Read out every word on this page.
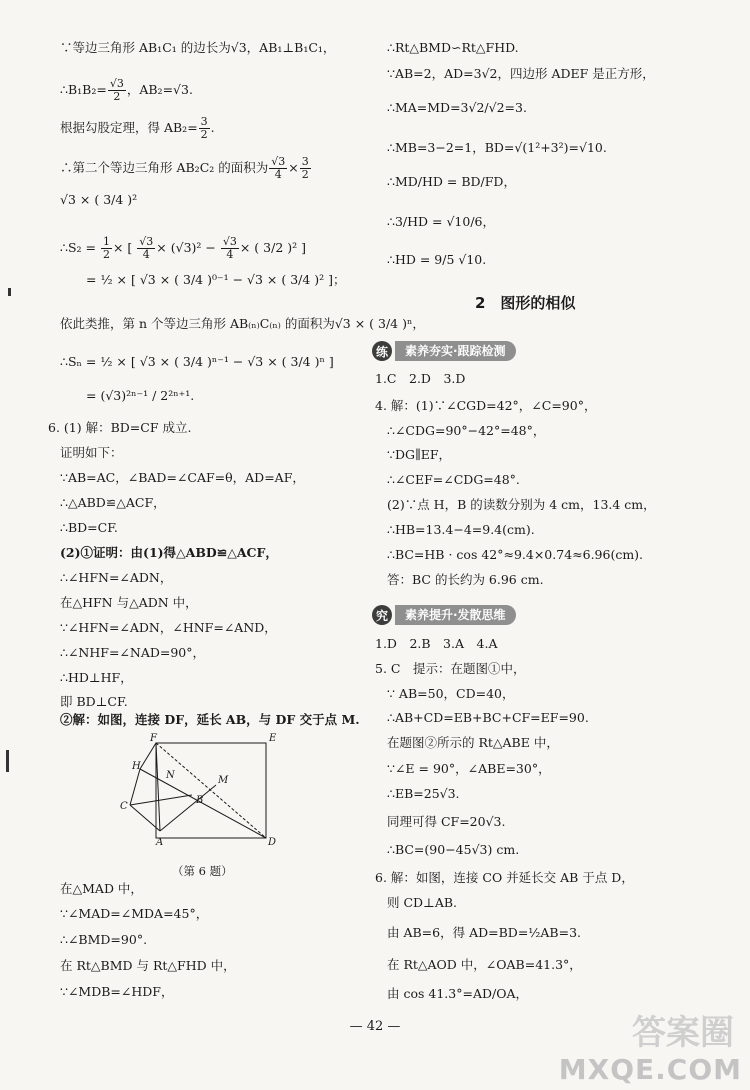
∵等边三角形 AB₁C₁ 的边长为√3，AB₁⊥B₁C₁，
∴B₁B₂= $\frac{√3}{2}$ ，AB₂=√3.
根据勾股定理，得 $AB_2= \frac{3}{2}$ .
∴第二个等边三角形 AB₂C₂ 的面积为 $\frac{√3}{4} \times \frac{3}{2}$
√3 × ( 3/4 )²
∴S₂ = $\frac{1}{2}$ × [ $\frac{√3}{4} \times (√3)^2 - \frac{√3}{4}$ × ( 3/2 )² ]
= ½ × [ √3 × ( 3/4 )⁰⁻¹ − √3 × ( 3/4 )² ]；
依此类推，第 n 个等边三角形 AB₍ₙ₎C₍ₙ₎ 的面积为√3 × ( 3/4 )ⁿ，
∴Sₙ = ½ × [ √3 × ( 3/4 )ⁿ⁻¹ − √3 × ( 3/4 )ⁿ ]
= (√3)²ⁿ⁻¹ / 2²ⁿ⁺¹.
6. (1) 解：BD=CF 成立.
证明如下：
∵AB=AC，∠BAD=∠CAF=θ，AD=AF，
∴△ABD≌△ACF，
∴BD=CF.
(2)①证明：由(1)得△ABD≌△ACF，
∴∠HFN=∠ADN，
在△HFN 与△ADN 中，
∵∠HFN=∠ADN，∠HNF=∠AND，
∴∠NHF=∠NAD=90°，
∴HD⊥HF，
即 BD⊥CF.
②解：如图，连接 DF，延长 AB，与 DF 交于点 M.
F	E
H
N	M
C
B
A	D
（第 6 题）
在△MAD 中，
∵∠MAD=∠MDA=45°，
∴∠BMD=90°.
在 Rt△BMD 与 Rt△FHD 中，
∵∠MDB=∠HDF，
∴Rt△BMD∽Rt△FHD.
∵AB=2，AD=3√2，四边形 ADEF 是正方形，
∴MA=MD=3√2/√2=3.
∴MB=3−2=1，BD=√(1²+3²)=√10.
∴MD/HD = BD/FD，
∴3/HD = √10/6，
∴HD = 9/5 √10.
2　图形的相似
练	素养夯实·跟踪检测
1.C　2.D　3.D
4. 解：(1)∵∠CGD=42°，∠C=90°，
∴∠CDG=90°−42°=48°，
∵DG∥EF，
∴∠CEF=∠CDG=48°.
(2)∵点 H，B 的读数分别为 4 cm，13.4 cm，
∴HB=13.4−4=9.4(cm).
∴BC=HB · cos 42°≈9.4×0.74≈6.96(cm).
答：BC 的长约为 6.96 cm.
究	素养提升·发散思维
1.D　2.B　3.A　4.A
5. C　提示：在题图①中，
∵ AB=50，CD=40，
∴AB+CD=EB+BC+CF=EF=90.
在题图②所示的 Rt△ABE 中，
∵∠E = 90°，∠ABE=30°，
∴EB=25√3.
同理可得 CF=20√3.
∴BC=(90−45√3) cm.
6. 解：如图，连接 CO 并延长交 AB 于点 D，
则 CD⊥AB.
由 AB=6，得 AD=BD=½AB=3.
在 Rt△AOD 中，∠OAB=41.3°，
由 cos 41.3°=AD/OA，
— 42 —	答案圈
MXQE.COM
